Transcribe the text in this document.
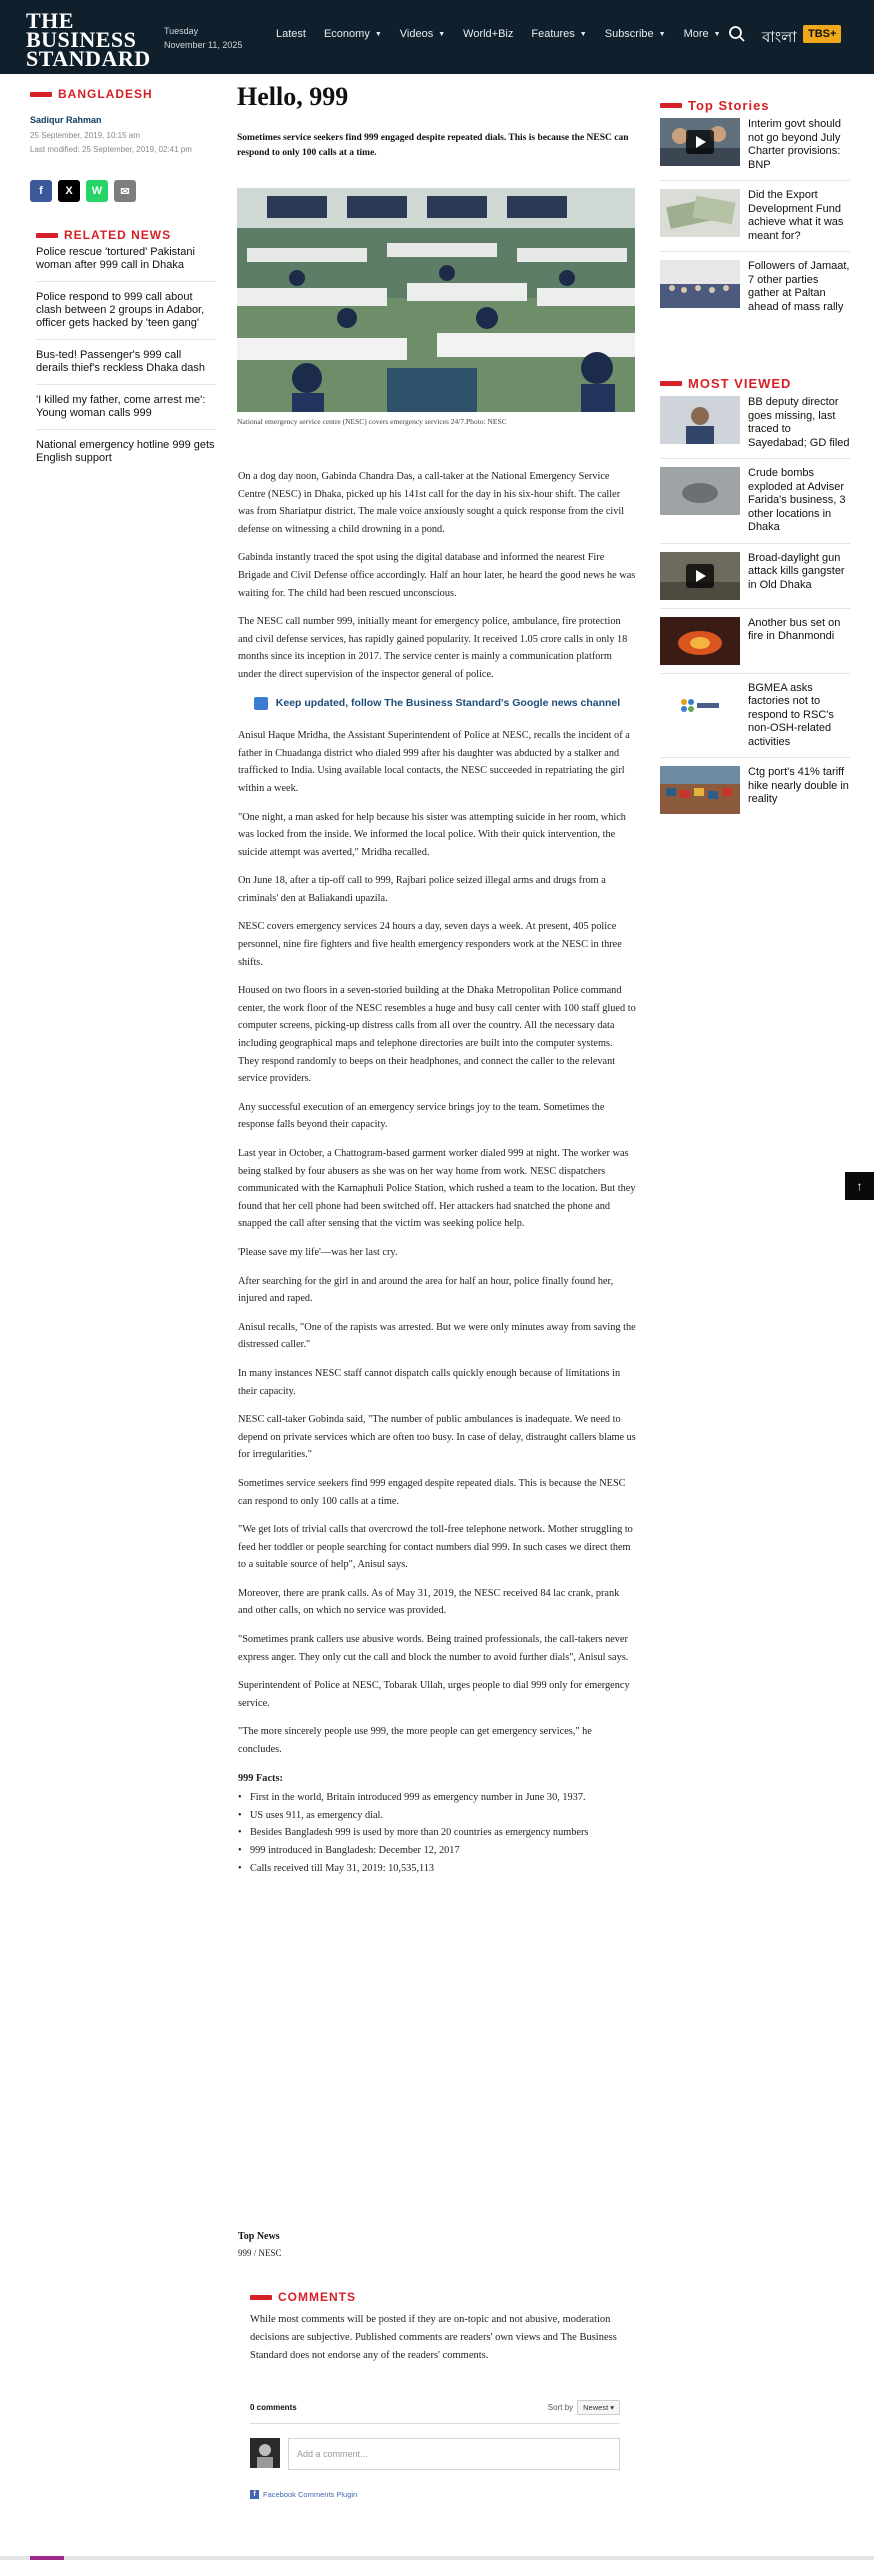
THE
BUSINESS
STANDARD
Tuesday
November 11, 2025
Latest Economy ▼ Videos ▼ World+Biz Features ▼ Subscribe ▼ More ▼	বাংলা	TBS+
BANGLADESH
Sadiqur Rahman
25 September, 2019, 10:15 am
Last modified: 25 September, 2019, 02:41 pm
f	X	W	✉
RELATED NEWS
Police rescue 'tortured' Pakistani woman after 999 call in Dhaka
Police respond to 999 call about clash between 2 groups in Adabor, officer gets hacked by 'teen gang'
Bus-ted! Passenger's 999 call derails thief's reckless Dhaka dash
'I killed my father, come arrest me': Young woman calls 999
National emergency hotline 999 gets English support
Hello, 999
Sometimes service seekers find 999 engaged despite repeated dials. This is because the NESC can respond to only 100 calls at a time.
National emergency service centre (NESC) covers emergency services 24/7.Photo: NESC

On a dog day noon, Gabinda Chandra Das, a call-taker at the National Emergency Service Centre (NESC) in Dhaka, picked up his 141st call for the day in his six-hour shift. The caller was from Shariatpur district. The male voice anxiously sought a quick response from the civil defense on witnessing a child drowning in a pond.

Gabinda instantly traced the spot using the digital database and informed the nearest Fire Brigade and Civil Defense office accordingly. Half an hour later, he heard the good news he was waiting for. The child had been rescued unconscious.

The NESC call number 999, initially meant for emergency police, ambulance, fire protection and civil defense services, has rapidly gained popularity. It received 1.05 crore calls in only 18 months since its inception in 2017. The service center is mainly a communication platform under the direct supervision of the inspector general of police.

Keep updated, follow The Business Standard's Google news channel

Anisul Haque Mridha, the Assistant Superintendent of Police at NESC, recalls the incident of a father in Chuadanga district who dialed 999 after his daughter was abducted by a stalker and trafficked to India. Using available local contacts, the NESC succeeded in repatriating the girl within a week.

"One night, a man asked for help because his sister was attempting suicide in her room, which was locked from the inside. We informed the local police. With their quick intervention, the suicide attempt was averted," Mridha recalled.

On June 18, after a tip-off call to 999, Rajbari police seized illegal arms and drugs from a criminals' den at Baliakandi upazila.

NESC covers emergency services 24 hours a day, seven days a week. At present, 405 police personnel, nine fire fighters and five health emergency responders work at the NESC in three shifts.

Housed on two floors in a seven-storied building at the Dhaka Metropolitan Police command center, the work floor of the NESC resembles a huge and busy call center with 100 staff glued to computer screens, picking-up distress calls from all over the country. All the necessary data including geographical maps and telephone directories are built into the computer systems. They respond randomly to beeps on their headphones, and connect the caller to the relevant service providers.

Any successful execution of an emergency service brings joy to the team. Sometimes the response falls beyond their capacity.

Last year in October, a Chattogram-based garment worker dialed 999 at night. The worker was being stalked by four abusers as she was on her way home from work. NESC dispatchers communicated with the Karnaphuli Police Station, which rushed a team to the location. But they found that her cell phone had been switched off. Her attackers had snatched the phone and snapped the call after sensing that the victim was seeking police help.

'Please save my life'—was her last cry.

After searching for the girl in and around the area for half an hour, police finally found her, injured and raped.

Anisul recalls, "One of the rapists was arrested. But we were only minutes away from saving the distressed caller."

In many instances NESC staff cannot dispatch calls quickly enough because of limitations in their capacity.

NESC call-taker Gobinda said, "The number of public ambulances is inadequate. We need to depend on private services which are often too busy. In case of delay, distraught callers blame us for irregularities."

Sometimes service seekers find 999 engaged despite repeated dials. This is because the NESC can respond to only 100 calls at a time.

"We get lots of trivial calls that overcrowd the toll-free telephone network. Mother struggling to feed her toddler or people searching for contact numbers dial 999. In such cases we direct them to a suitable source of help", Anisul says.

Moreover, there are prank calls. As of May 31, 2019, the NESC received 84 lac crank, prank and other calls, on which no service was provided.

"Sometimes prank callers use abusive words. Being trained professionals, the call-takers never express anger. They only cut the call and block the number to avoid further dials", Anisul says.

Superintendent of Police at NESC, Tobarak Ullah, urges people to dial 999 only for emergency service.

"The more sincerely people use 999, the more people can get emergency services," he concludes.

999 Facts:
• First in the world, Britain introduced 999 as emergency number in June 30, 1937.
• US uses 911, as emergency dial.
• Besides Bangladesh 999 is used by more than 20 countries as emergency numbers
• 999 introduced in Bangladesh: December 12, 2017
• Calls received till May 31, 2019: 10,535,113
Top News
999 / NESC
COMMENTS
While most comments will be posted if they are on-topic and not abusive, moderation decisions are subjective. Published comments are readers' own views and The Business Standard does not endorse any of the readers' comments.
0 comments	Sort by	Newest ▾
Add a comment...
f Facebook Comments Plugin
Top Stories
Interim govt should not go beyond July Charter provisions: BNP
Did the Export Development Fund achieve what it was meant for?
Followers of Jamaat, 7 other parties gather at Paltan ahead of mass rally
MOST VIEWED
BB deputy director goes missing, last traced to Sayedabad; GD filed
Crude bombs exploded at Adviser Farida's business, 3 other locations in Dhaka
Broad-daylight gun attack kills gangster in Old Dhaka
Another bus set on fire in Dhanmondi
BGMEA asks factories not to respond to RSC's non-OSH-related activities
Ctg port's 41% tariff hike nearly double in reality
↑
